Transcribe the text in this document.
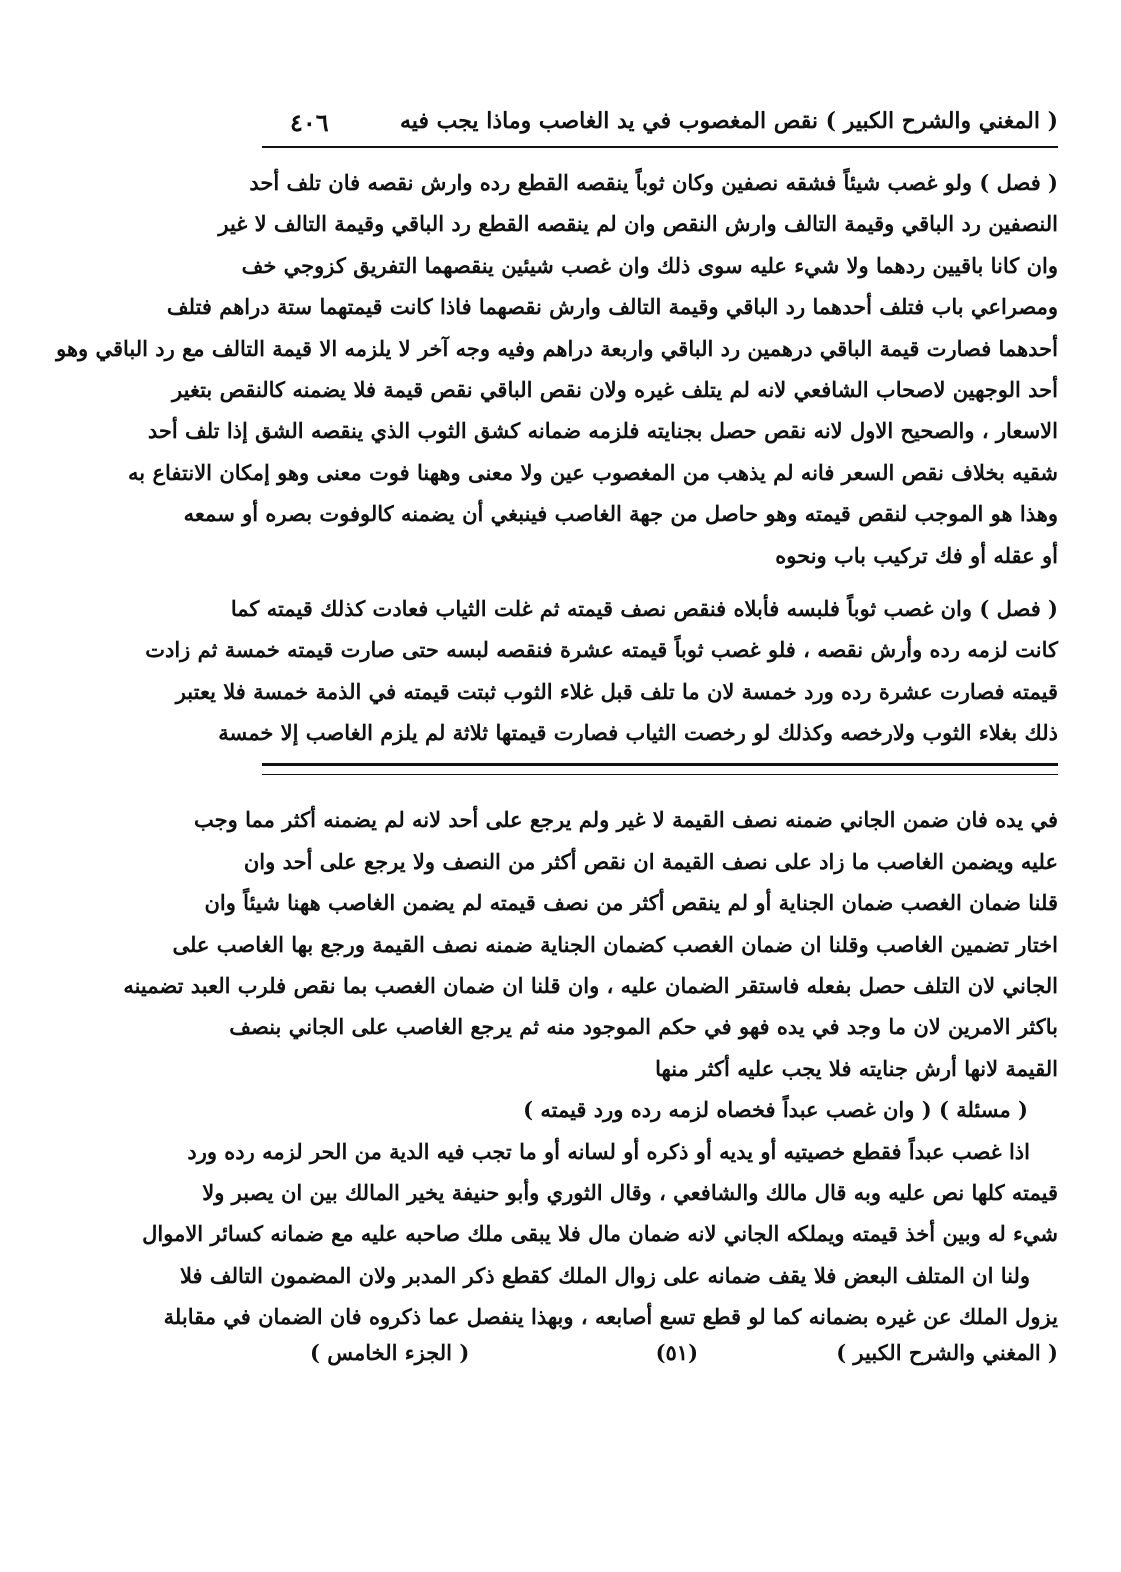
( المغني والشرح الكبير ) نقص المغصوب في يد الغاصب وماذا يجب فيه
٤٠٦
( فصل ) ولو غصب شيئاً فشقه نصفين وكان ثوباً ينقصه القطع رده وارش نقصه فان تلف أحد
النصفين رد الباقي وقيمة التالف وارش النقص وان لم ينقصه القطع رد الباقي وقيمة التالف لا غير
وان كانا باقيين ردهما ولا شيء عليه سوى ذلك وان غصب شيئين ينقصهما التفريق كزوجي خف
ومصراعي باب فتلف أحدهما رد الباقي وقيمة التالف وارش نقصهما فاذا كانت قيمتهما ستة دراهم فتلف
أحدهما فصارت قيمة الباقي درهمين رد الباقي واربعة دراهم وفيه وجه آخر لا يلزمه الا قيمة التالف مع رد الباقي وهو
أحد الوجهين لاصحاب الشافعي لانه لم يتلف غيره ولان نقص الباقي نقص قيمة فلا يضمنه كالنقص بتغير
الاسعار ، والصحيح الاول لانه نقص حصل بجنايته فلزمه ضمانه كشق الثوب الذي ينقصه الشق إذا تلف أحد
شقيه بخلاف نقص السعر فانه لم يذهب من المغصوب عين ولا معنى وههنا فوت معنى وهو إمكان الانتفاع به
وهذا هو الموجب لنقص قيمته وهو حاصل من جهة الغاصب فينبغي أن يضمنه كالوفوت بصره أو سمعه
أو عقله أو فك تركيب باب ونحوه
( فصل ) وان غصب ثوباً فلبسه فأبلاه فنقص نصف قيمته ثم غلت الثياب فعادت كذلك قيمته كما
كانت لزمه رده وأرش نقصه ، فلو غصب ثوباً قيمته عشرة فنقصه لبسه حتى صارت قيمته خمسة ثم زادت
قيمته فصارت عشرة رده ورد خمسة لان ما تلف قبل غلاء الثوب ثبتت قيمته في الذمة خمسة فلا يعتبر
ذلك بغلاء الثوب ولارخصه وكذلك لو رخصت الثياب فصارت قيمتها ثلاثة لم يلزم الغاصب إلا خمسة
في يده فان ضمن الجاني ضمنه نصف القيمة لا غير ولم يرجع على أحد لانه لم يضمنه أكثر مما وجب
عليه ويضمن الغاصب ما زاد على نصف القيمة ان نقص أكثر من النصف ولا يرجع على أحد وان
قلنا ضمان الغصب ضمان الجناية أو لم ينقص أكثر من نصف قيمته لم يضمن الغاصب ههنا شيئاً وان
اختار تضمين الغاصب وقلنا ان ضمان الغصب كضمان الجناية ضمنه نصف القيمة ورجع بها الغاصب على
الجاني لان التلف حصل بفعله فاستقر الضمان عليه ، وان قلنا ان ضمان الغصب بما نقص فلرب العبد تضمينه
باكثر الامرين لان ما وجد في يده فهو في حكم الموجود منه ثم يرجع الغاصب على الجاني بنصف
القيمة لانها أرش جنايته فلا يجب عليه أكثر منها
( مسئلة ) ( وان غصب عبداً فخصاه لزمه رده ورد قيمته )
اذا غصب عبداً فقطع خصيتيه أو يديه أو ذكره أو لسانه أو ما تجب فيه الدية من الحر لزمه رده ورد
قيمته كلها نص عليه وبه قال مالك والشافعي ، وقال الثوري وأبو حنيفة يخير المالك بين ان يصبر ولا
شيء له وبين أخذ قيمته ويملكه الجاني لانه ضمان مال فلا يبقى ملك صاحبه عليه مع ضمانه كسائر الاموال
ولنا ان المتلف البعض فلا يقف ضمانه على زوال الملك كقطع ذكر المدبر ولان المضمون التالف فلا
يزول الملك عن غيره بضمانه كما لو قطع تسع أصابعه ، وبهذا ينفصل عما ذكروه فان الضمان في مقابلة
( المغني والشرح الكبير )
(٥١)
( الجزء الخامس )
